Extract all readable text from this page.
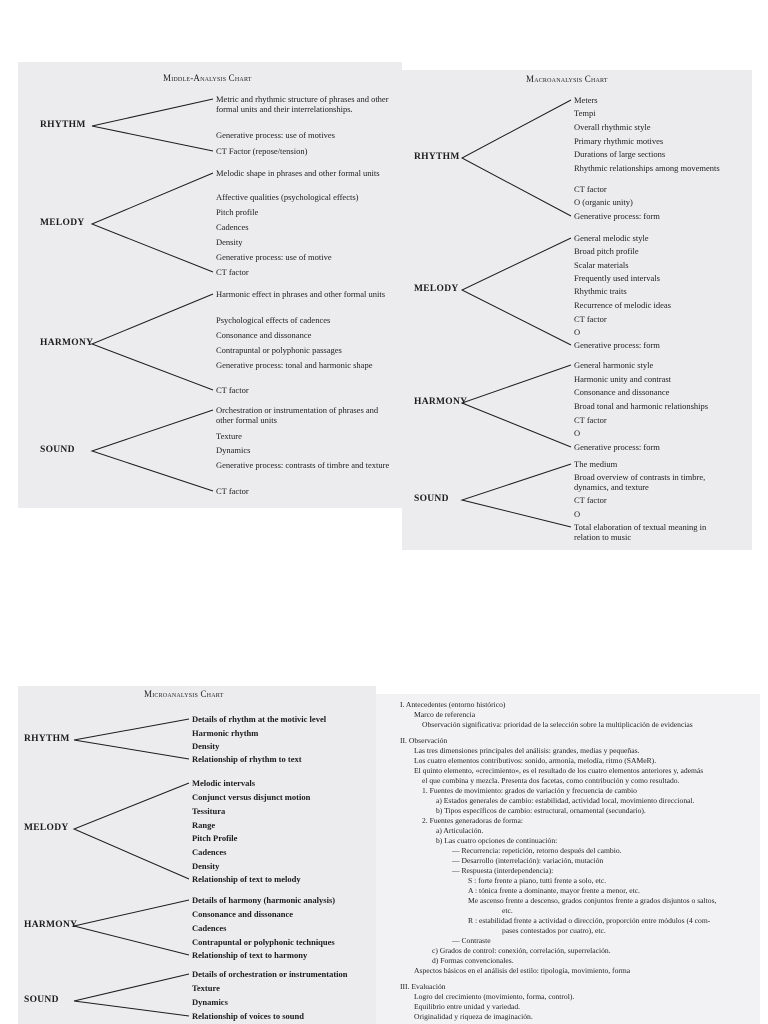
Middle-Analysis Chart
RHYTHM
Metric and rhythmic structure of phrases and other formal units and their interrelationships.
Generative process: use of motives
CT Factor (repose/tension)
MELODY
Melodic shape in phrases and other formal units
Affective qualities (psychological effects)
Pitch profile
Cadences
Density
Generative process: use of motive
CT factor
HARMONY
Harmonic effect in phrases and other formal units
Psychological effects of cadences
Consonance and dissonance
Contrapuntal or polyphonic passages
Generative process: tonal and harmonic shape
CT factor
SOUND
Orchestration or instrumentation of phrases and other formal units
Texture
Dynamics
Generative process: contrasts of timbre and texture
CT factor
Macroanalysis Chart
RHYTHM
Meters
Tempi
Overall rhythmic style
Primary rhythmic motives
Durations of large sections
Rhythmic relationships among movements
CT factor
O (organic unity)
Generative process: form
MELODY
General melodic style
Broad pitch profile
Scalar materials
Frequently used intervals
Rhythmic traits
Recurrence of melodic ideas
CT factor
O
Generative process: form
HARMONY
General harmonic style
Harmonic unity and contrast
Consonance and dissonance
Broad tonal and harmonic relationships
CT factor
O
Generative process: form
SOUND
The medium
Broad overview of contrasts in timbre, dynamics, and texture
CT factor
O
Total elaboration of textual meaning in relation to music
Microanalysis Chart
RHYTHM
Details of rhythm at the motivic level
Harmonic rhythm
Density
Relationship of rhythm to text
MELODY
Melodic intervals
Conjunct versus disjunct motion
Tessitura
Range
Pitch Profile
Cadences
Density
Relationship of text to melody
HARMONY
Details of harmony (harmonic analysis)
Consonance and dissonance
Cadences
Contrapuntal or polyphonic techniques
Relationship of text to harmony
SOUND
Details of orchestration or instrumentation
Texture
Dynamics
Relationship of voices to sound
I. Antecedentes (entorno histórico)
Marco de referencia
Observación significativa: prioridad de la selección sobre la multiplicación de evidencias
II. Observación
Las tres dimensiones principales del análisis: grandes, medias y pequeñas.
Los cuatro elementos contributivos: sonido, armonía, melodía, ritmo (SAMeR).
El quinto elemento, «crecimiento», es el resultado de los cuatro elementos anteriores y, además
el que combina y mezcla. Presenta dos facetas, como contribución y como resultado.
1. Fuentes de movimiento: grados de variación y frecuencia de cambio
a) Estados generales de cambio: estabilidad, actividad local, movimiento direccional.
b) Tipos específicos de cambio: estructural, ornamental (secundario).
2. Fuentes generadoras de forma:
a) Articulación.
b) Las cuatro opciones de continuación:
— Recurrencia: repetición, retorno después del cambio.
— Desarrollo (interrelación): variación, mutación
— Respuesta (interdependencia):
S : forte frente a piano, tutti frente a solo, etc.
A : tónica frente a dominante, mayor frente a menor, etc.
Me ascenso frente a descenso, grados conjuntos frente a grados disjuntos o saltos,
etc.
R : estabilidad frente a actividad o dirección, proporción entre módulos (4 com-
pases contestados por cuatro), etc.
— Contraste
c) Grados de control: conexión, correlación, superrelación.
d) Formas convencionales.
Aspectos básicos en el análisis del estilo: tipología, movimiento, forma
III. Evaluación
Logro del crecimiento (movimiento, forma, control).
Equilibrio entre unidad y variedad.
Originalidad y riqueza de imaginación.
